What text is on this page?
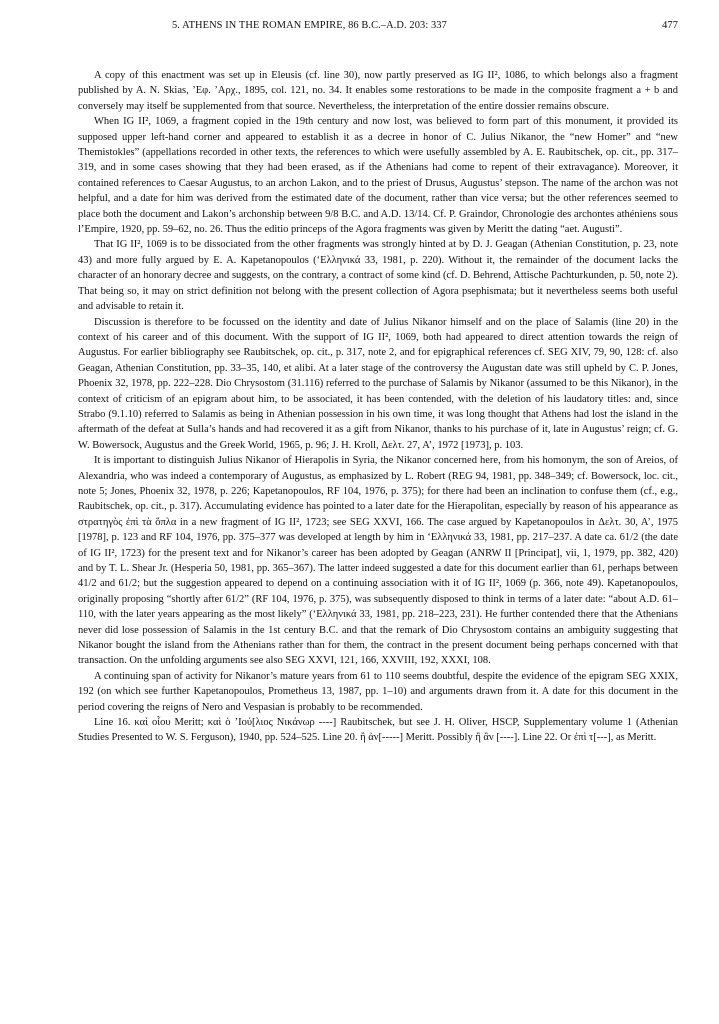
5. ATHENS IN THE ROMAN EMPIRE, 86 B.C.–A.D. 203: 337	477

A copy of this enactment was set up in Eleusis (cf. line 30), now partly preserved as IG II², 1086, to which belongs also a fragment published by A. N. Skias, ’Εφ. ’Αρχ., 1895, col. 121, no. 34. It enables some restorations to be made in the composite fragment a + b and conversely may itself be supplemented from that source. Nevertheless, the interpretation of the entire dossier remains obscure.

When IG II², 1069, a fragment copied in the 19th century and now lost, was believed to form part of this monument, it provided its supposed upper left-hand corner and appeared to establish it as a decree in honor of C. Julius Nikanor, the “new Homer” and “new Themistokles” (appellations recorded in other texts, the references to which were usefully assembled by A. E. Raubitschek, op. cit., pp. 317–319, and in some cases showing that they had been erased, as if the Athenians had come to repent of their extravagance). Moreover, it contained references to Caesar Augustus, to an archon Lakon, and to the priest of Drusus, Augustus’ stepson. The name of the archon was not helpful, and a date for him was derived from the estimated date of the document, rather than vice versa; but the other references seemed to place both the document and Lakon’s archonship between 9/8 B.C. and A.D. 13/14. Cf. P. Graindor, Chronologie des archontes athéniens sous l’Empire, 1920, pp. 59–62, no. 26. Thus the editio princeps of the Agora fragments was given by Meritt the dating “aet. Augusti”.

That IG II², 1069 is to be dissociated from the other fragments was strongly hinted at by D. J. Geagan (Athenian Constitution, p. 23, note 43) and more fully argued by E. A. Kapetanopoulos (‘Ελληνικά 33, 1981, p. 220). Without it, the remainder of the document lacks the character of an honorary decree and suggests, on the contrary, a contract of some kind (cf. D. Behrend, Attische Pachturkunden, p. 50, note 2). That being so, it may on strict definition not belong with the present collection of Agora psephismata; but it nevertheless seems both useful and advisable to retain it.

Discussion is therefore to be focussed on the identity and date of Julius Nikanor himself and on the place of Salamis (line 20) in the context of his career and of this document. With the support of IG II², 1069, both had appeared to direct attention towards the reign of Augustus. For earlier bibliography see Raubitschek, op. cit., p. 317, note 2, and for epigraphical references cf. SEG XIV, 79, 90, 128: cf. also Geagan, Athenian Constitution, pp. 33–35, 140, et alibi. At a later stage of the controversy the Augustan date was still upheld by C. P. Jones, Phoenix 32, 1978, pp. 222–228. Dio Chrysostom (31.116) referred to the purchase of Salamis by Nikanor (assumed to be this Nikanor), in the context of criticism of an epigram about him, to be associated, it has been contended, with the deletion of his laudatory titles: and, since Strabo (9.1.10) referred to Salamis as being in Athenian possession in his own time, it was long thought that Athens had lost the island in the aftermath of the defeat at Sulla’s hands and had recovered it as a gift from Nikanor, thanks to his purchase of it, late in Augustus’ reign; cf. G. W. Bowersock, Augustus and the Greek World, 1965, p. 96; J. H. Kroll, Δελτ. 27, Α’, 1972 [1973], p. 103.

It is important to distinguish Julius Nikanor of Hierapolis in Syria, the Nikanor concerned here, from his homonym, the son of Areios, of Alexandria, who was indeed a contemporary of Augustus, as emphasized by L. Robert (REG 94, 1981, pp. 348–349; cf. Bowersock, loc. cit., note 5; Jones, Phoenix 32, 1978, p. 226; Kapetanopoulos, RF 104, 1976, p. 375); for there had been an inclination to confuse them (cf., e.g., Raubitschek, op. cit., p. 317). Accumulating evidence has pointed to a later date for the Hierapolitan, especially by reason of his appearance as στρατηγὸς ἐπὶ τὰ ὅπλα in a new fragment of IG II², 1723; see SEG XXVI, 166. The case argued by Kapetanopoulos in Δελτ. 30, Α’, 1975 [1978], p. 123 and RF 104, 1976, pp. 375–377 was developed at length by him in ‘Ελληνικά 33, 1981, pp. 217–237. A date ca. 61/2 (the date of IG II², 1723) for the present text and for Nikanor’s career has been adopted by Geagan (ANRW II [Principat], vii, 1, 1979, pp. 382, 420) and by T. L. Shear Jr. (Hesperia 50, 1981, pp. 365–367). The latter indeed suggested a date for this document earlier than 61, perhaps between 41/2 and 61/2; but the suggestion appeared to depend on a continuing association with it of IG II², 1069 (p. 366, note 49). Kapetanopoulos, originally proposing “shortly after 61/2” (RF 104, 1976, p. 375), was subsequently disposed to think in terms of a later date: “about A.D. 61–110, with the later years appearing as the most likely” (‘Ελληνικά 33, 1981, pp. 218–223, 231). He further contended there that the Athenians never did lose possession of Salamis in the 1st century B.C. and that the remark of Dio Chrysostom contains an ambiguity suggesting that Nikanor bought the island from the Athenians rather than for them, the contract in the present document being perhaps concerned with that transaction. On the unfolding arguments see also SEG XXVI, 121, 166, XXVIII, 192, XXXI, 108.

A continuing span of activity for Nikanor’s mature years from 61 to 110 seems doubtful, despite the evidence of the epigram SEG XXIX, 192 (on which see further Kapetanopoulos, Prometheus 13, 1987, pp. 1–10) and arguments drawn from it. A date for this document in the period covering the reigns of Nero and Vespasian is probably to be recommended.

Line 16. καὶ οἶου Meritt; καὶ ὁ ’Ιού[λιος Νικάνωρ ----] Raubitschek, but see J. H. Oliver, HSCP, Supplementary volume 1 (Athenian Studies Presented to W. S. Ferguson), 1940, pp. 524–525. Line 20. ἢ ἀν[-----] Meritt. Possibly ἢ ἂν [----]. Line 22. Or ἐπὶ τ[---], as Meritt.
